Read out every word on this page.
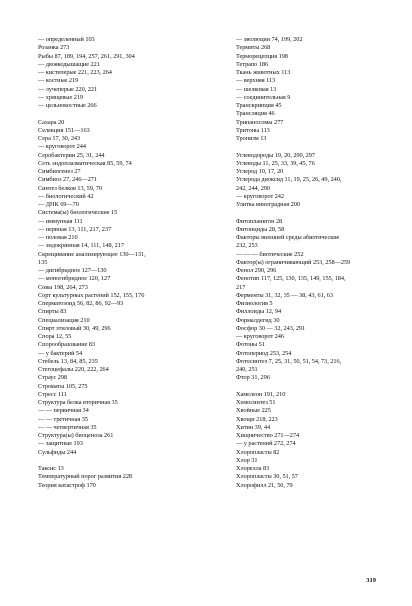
— определенный 103
Розанка 273
Рыбы 87, 189, 194, 257, 261, 291, 304
— двоякодышащие 221
— кистеперые 221, 223, 264
— костные 219
— лучеперые 220, 221
— хрящевые 219
— цельнокостные 266
Сахара 20
Селекция 151—163
Сера 17, 30, 243
— круговорот 244
Серобактерии 25, 31, 244
Сеть эндоплазматическая 85, 59, 74
Симбиогенез 27
Симбиоз 27, 246—271
Синтез белков 13, 59, 70
— биологический 42
— ДНК 69—70
Система(ы) биологические 15
— иммунная 111
— нервная 13, 111, 217, 237
— половая 210
— эндокринная 14, 111, 148, 217
Скрещивание анализирующее 130—131,
135
— дигибридное 127—130
— моногибридное 120, 127
Совы 198, 264, 273
Сорт культурных растений 152, 155, 176
Сперматозоид 56, 82, 86, 92—93
Спирты 83
Специализация 210
Спирт этиловый 30, 49, 296
Спора 12, 55
Спорообразование 83
— у бактерий 54
Стебель 13, 84, 85, 235
Стегоцефалы 220, 222, 264
Страус 298
Строматы 105, 275
Стресс 111
Структура белка вторичная 35
— — первичная 34
— — третичная 35
— — четвертичная 35
Структура(ы) биоценоза 261
— защитные 193
Сульфиды 244
Таксис 13
Температурный порог развития 228
Теория катастроф 170
— эволюции 74, 199, 202
Термиты 268
Терморецепция 198
Тетрапо 186
Ткань животных 113
— верхняя 113
— шелковая 13
— соединительная 9
Транскрипция 45
Трансляция 46
Трипаносомы 277
Тритоны 113
Тропизм 13
Углеводороды 19, 20, 290, 297
Углеводы 11, 25, 33, 39, 45, 76
Углерод 10, 17, 20
Углерода диоксид 11, 19, 25, 26, 49, 240,
242, 244, 290
— круговорот 242
Улитка виноградная 200
Фитопланктон 28
Фитонциды 28, 58
Факторы внешней среды абиотические
232, 253
— — — биотические 252
Фактор(ы) ограничивающий 253, 258—259
Фенол 290, 296
Фенотип 117, 125, 130, 135, 149, 155, 184,
217
Ферменты 31, 32, 35 — 38, 43, 61, 63
Физиология 5
Филлоиды 12, 94
Формалдегид 30
Фосфор 30 — 32, 243, 291
— круговорот 246
Фотоны 51
Фотопериод 253, 254
Фотосинтез 7, 25, 31, 50, 51, 54, 73, 216,
240, 251
Фтор 31, 296
Хамелеон 191, 210
Хемосинтез 51
Хвойные 225
Хвощи 218, 223
Хитин 39, 44
Хищничество 271—274
— у растений 272, 274
Хлоропласты 82
Хлор 31
Хлорелла 83
Хлоропласты 30, 51, 57
Хлорофилл 21, 50, 79
319
